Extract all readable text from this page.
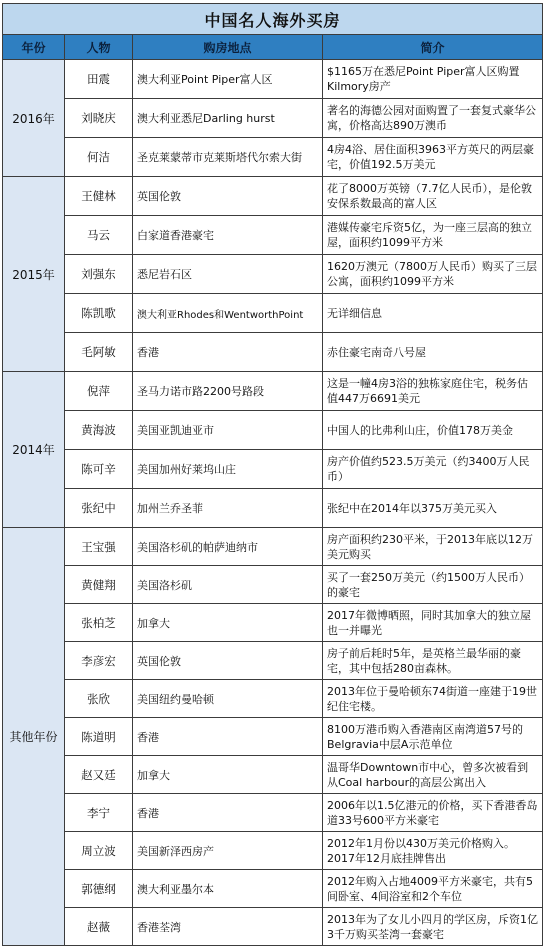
中国名人海外买房			
年份	人物	购房地点	简介
2016年	田震	澳大利亚Point Piper富人区	$1165万在悉尼Point Piper富人区购置Kilmory房产
	刘晓庆	澳大利亚悉尼Darling hurst	著名的海德公园对面购置了一套复式豪华公寓，价格高达890万澳币
	何洁	圣克莱蒙蒂市克莱斯塔代尔索大街	4房4浴、居住面积3963平方英尺的两层豪宅，价值192.5万美元
2015年	王健林	英国伦敦	花了8000万英镑（7.7亿人民币），是伦敦安保系数最高的富人区
	马云	白家道香港豪宅	港媒传豪宅斥资5亿，为一座三层高的独立屋，面积约1099平方米
	刘强东	悉尼岩石区	1620万澳元（7800万人民币）购买了三层公寓，面积约1099平方米
	陈凯歌	澳大利亚Rhodes和WentworthPoint	无详细信息
	毛阿敏	香港	赤住豪宅南奇八号屋
2014年	倪萍	圣马力诺市路2200号路段	这是一幢4房3浴的独栋家庭住宅，税务估值447万6691美元
	黄海波	美国亚凯迪亚市	中国人的比弗利山庄，价值178万美金
	陈可辛	美国加州好莱坞山庄	房产价值约523.5万美元（约3400万人民币）
	张纪中	加州兰乔圣菲	张纪中在2014年以375万美元买入
其他年份	王宝强	美国洛杉矶的帕萨迪纳市	房产面积约230平米，于2013年底以12万美元购买
	黄健翔	美国洛杉矶	买了一套250万美元（约1500万人民币）的豪宅
	张柏芝	加拿大	2017年微博晒照，同时其加拿大的独立屋也一并曝光
	李彦宏	英国伦敦	房子前后耗时5年，是英格兰最华丽的豪宅，其中包括280亩森林。
	张欣	美国纽约曼哈顿	2013年位于曼哈顿东74街道一座建于19世纪住宅楼。
	陈道明	香港	8100万港币购入香港南区南湾道57号的Belgravia中层A示范单位
	赵又廷	加拿大	温哥华Downtown市中心，曾多次被看到从Coal harbour的高层公寓出入
	李宁	香港	2006年以1.5亿港元的价格，买下香港香岛道33号600平方米豪宅
	周立波	美国新泽西房产	2012年1月份以430万美元价格购入。2017年12月底挂牌售出
	郭德纲	澳大利亚墨尔本	2012年购入占地4009平方米豪宅，共有5间卧室、4间浴室和2个车位
	赵薇	香港荃湾	2013年为了女儿小四月的学区房，斥资1亿3千万购买荃湾一套豪宅
